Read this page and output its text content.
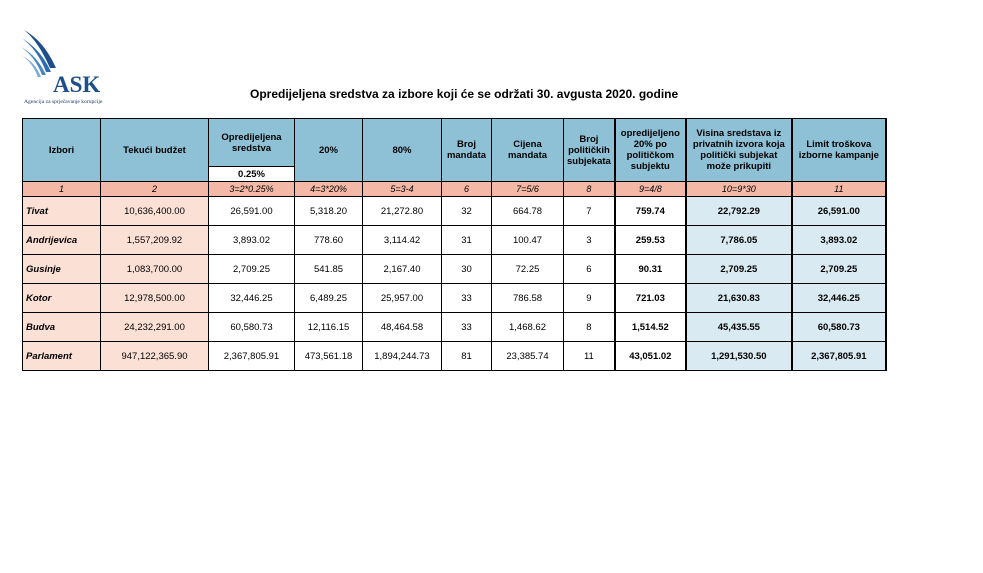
ASK
Agencija za sprječavanje korupcije
Opredijeljena sredstva za izbore koji će se održati 30. avgusta 2020. godine
Izbori	Tekući budžet	Opredijeljena sredstva	20%	80%	Broj mandata	Cijena mandata	Broj političkih subjekata	opredijeljeno 20% po političkom subjektu	Visina sredstava iz privatnih izvora koja politički subjekat može prikupiti	Limit troškova izborne kampanje
		0.25%								
1	2	3=2*0.25%	4=3*20%	5=3-4	6	7=5/6	8	9=4/8	10=9*30	11
Tivat	10,636,400.00	26,591.00	5,318.20	21,272.80	32	664.78	7	759.74	22,792.29	26,591.00
Andrijevica	1,557,209.92	3,893.02	778.60	3,114.42	31	100.47	3	259.53	7,786.05	3,893.02
Gusinje	1,083,700.00	2,709.25	541.85	2,167.40	30	72.25	6	90.31	2,709.25	2,709.25
Kotor	12,978,500.00	32,446.25	6,489.25	25,957.00	33	786.58	9	721.03	21,630.83	32,446.25
Budva	24,232,291.00	60,580.73	12,116.15	48,464.58	33	1,468.62	8	1,514.52	45,435.55	60,580.73
Parlament	947,122,365.90	2,367,805.91	473,561.18	1,894,244.73	81	23,385.74	11	43,051.02	1,291,530.50	2,367,805.91
